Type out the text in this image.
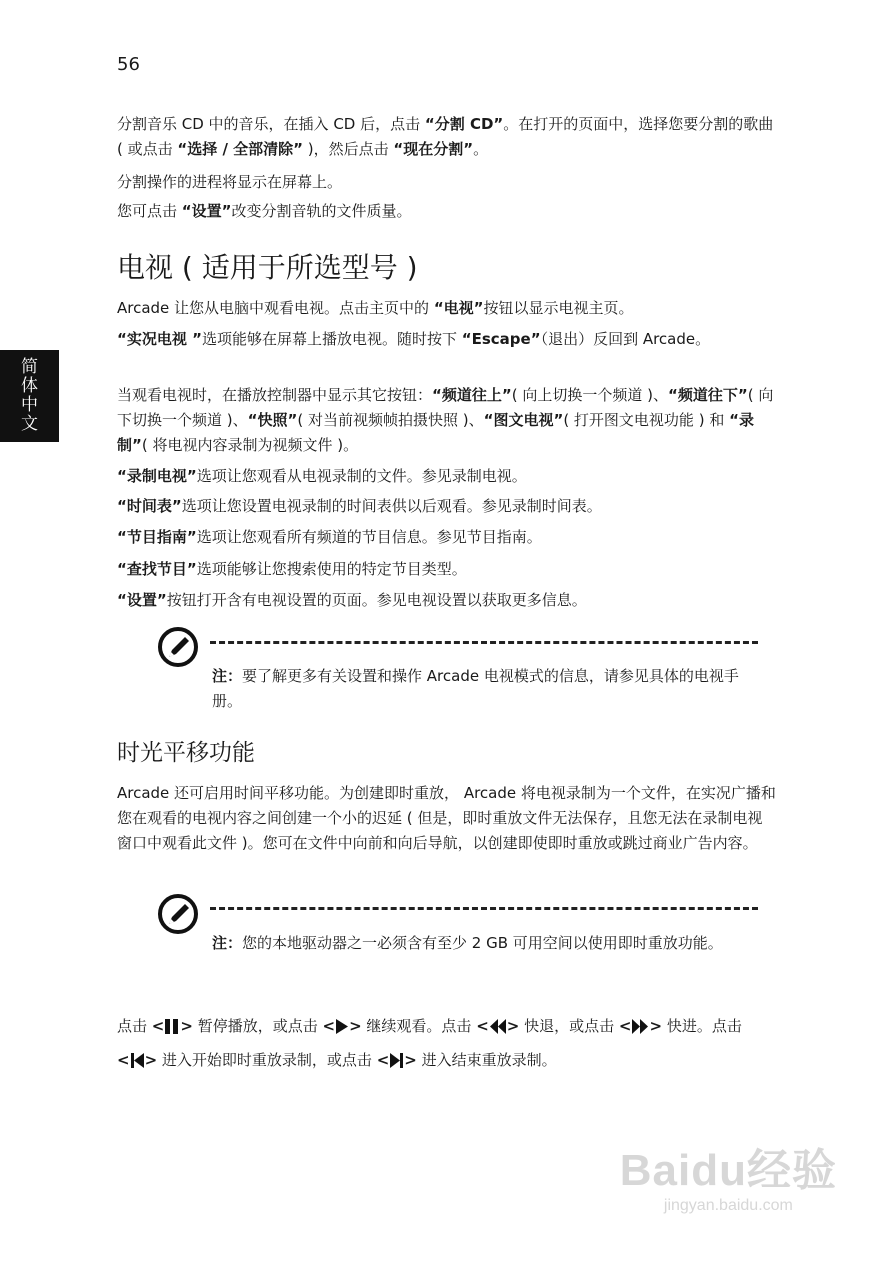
56
简
体
中
文

分割音乐 CD 中的音乐，在插入 CD 后，点击 “分割 CD”。在打开的页面中，选择您要分割的歌曲 ( 或点击 “选择 / 全部清除” )，然后点击 “现在分割”。

分割操作的进程将显示在屏幕上。

您可点击 “设置”改变分割音轨的文件质量。

电视 ( 适用于所选型号 )

Arcade 让您从电脑中观看电视。点击主页中的 “电视”按钮以显示电视主页。

“实况电视 ”选项能够在屏幕上播放电视。随时按下 “Escape”（退出）反回到 Arcade。

当观看电视时，在播放控制器中显示其它按钮：“频道往上”( 向上切换一个频道 )、“频道往下”( 向下切换一个频道 )、“快照”( 对当前视频帧拍摄快照 )、“图文电视”( 打开图文电视功能 ) 和 “录制”( 将电视内容录制为视频文件 )。

“录制电视”选项让您观看从电视录制的文件。参见录制电视。

“时间表”选项让您设置电视录制的时间表供以后观看。参见录制时间表。

“节目指南”选项让您观看所有频道的节目信息。参见节目指南。

“查找节目”选项能够让您搜索使用的特定节目类型。

“设置”按钮打开含有电视设置的页面。参见电视设置以获取更多信息。

注：要了解更多有关设置和操作 Arcade 电视模式的信息，请参见具体的电视手册。

时光平移功能

Arcade 还可启用时间平移功能。为创建即时重放， Arcade 将电视录制为一个文件，在实况广播和您在观看的电视内容之间创建一个小的迟延 ( 但是，即时重放文件无法保存，且您无法在录制电视窗口中观看此文件 )。您可在文件中向前和向后导航，以创建即使即时重放或跳过商业广告内容。

注：您的本地驱动器之一必须含有至少 2 GB 可用空间以使用即时重放功能。

点击 < > 暂停播放，或点击 < > 继续观看。点击 < > 快退，或点击 < > 快进。点击 < > 进入开始即时重放录制，或点击 < > 进入结束重放录制。

Baidu经验
jingyan.baidu.com
